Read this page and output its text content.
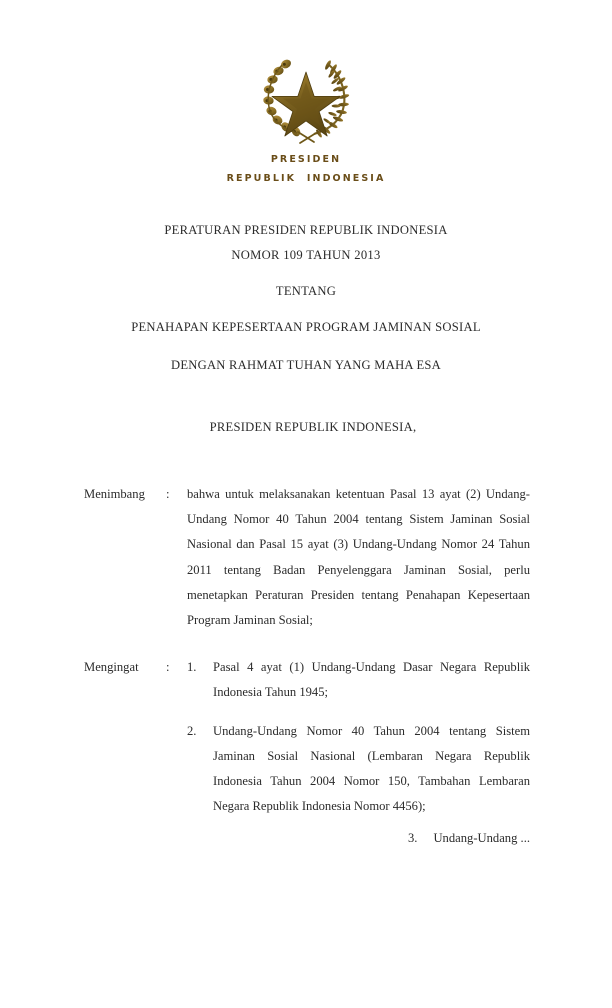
PRESIDEN
REPUBLIK  INDONESIA
PERATURAN PRESIDEN REPUBLIK INDONESIA
NOMOR 109 TAHUN 2013
TENTANG
PENAHAPAN KEPESERTAAN PROGRAM JAMINAN SOSIAL
DENGAN RAHMAT TUHAN YANG MAHA ESA
PRESIDEN REPUBLIK INDONESIA,
Menimbang	:	bahwa untuk melaksanakan ketentuan Pasal 13 ayat (2) Undang-Undang Nomor 40 Tahun 2004 tentang Sistem Jaminan Sosial Nasional dan Pasal 15 ayat (3) Undang-Undang Nomor 24 Tahun 2011 tentang Badan Penyelenggara Jaminan Sosial, perlu menetapkan Peraturan Presiden tentang Penahapan Kepesertaan Program Jaminan Sosial;

Mengingat	:	1.	Pasal 4 ayat (1) Undang-Undang Dasar Negara Republik Indonesia Tahun 1945;
2.	Undang-Undang Nomor 40 Tahun 2004 tentang Sistem Jaminan Sosial Nasional (Lembaran Negara Republik Indonesia Tahun 2004 Nomor 150, Tambahan Lembaran Negara Republik Indonesia Nomor 4456);
3. Undang-Undang ...
